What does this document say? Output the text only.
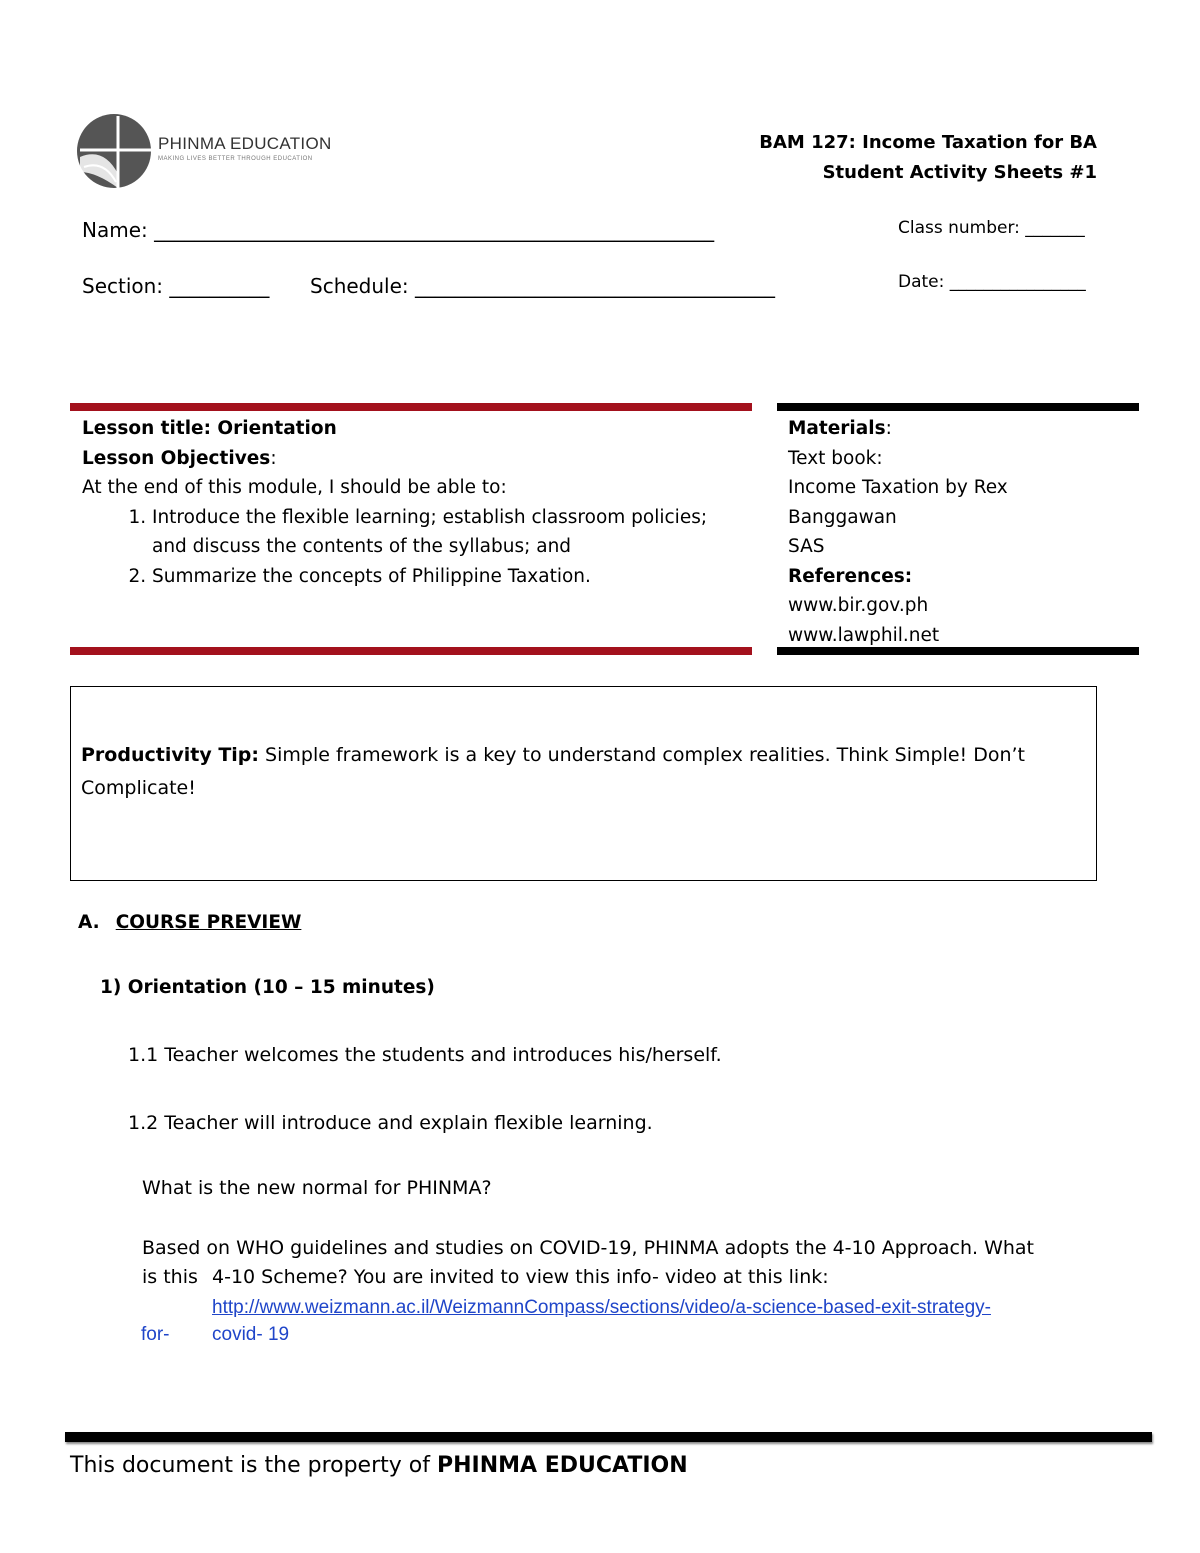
PHINMA EDUCATION
MAKING LIVES BETTER THROUGH EDUCATION
BAM 127: Income Taxation for BA
Student Activity Sheets #1
Name: ________________________________________________________	Class number: _______
Section: __________ Schedule: ____________________________________	Date: ________________
Lesson title: Orientation
Lesson Objectives:
At the end of this module, I should be able to:
1. Introduce the flexible learning; establish classroom policies; and discuss the contents of the syllabus; and
2. Summarize the concepts of Philippine Taxation.
Materials:
Text book:
Income Taxation by Rex
Banggawan
SAS
References:
www.bir.gov.ph
www.lawphil.net
Productivity Tip: Simple framework is a key to understand complex realities. Think Simple! Don’t Complicate!
A. COURSE PREVIEW
1) Orientation (10 – 15 minutes)
1.1 Teacher welcomes the students and introduces his/herself.
1.2 Teacher will introduce and explain flexible learning.
What is the new normal for PHINMA?
Based on WHO guidelines and studies on COVID-19, PHINMA adopts the 4-10 Approach. What
is this 4-10 Scheme? You are invited to view this info- video at this link:
http://www.weizmann.ac.il/WeizmannCompass/sections/video/a-science-based-exit-strategy-
for- covid- 19
This document is the property of PHINMA EDUCATION
